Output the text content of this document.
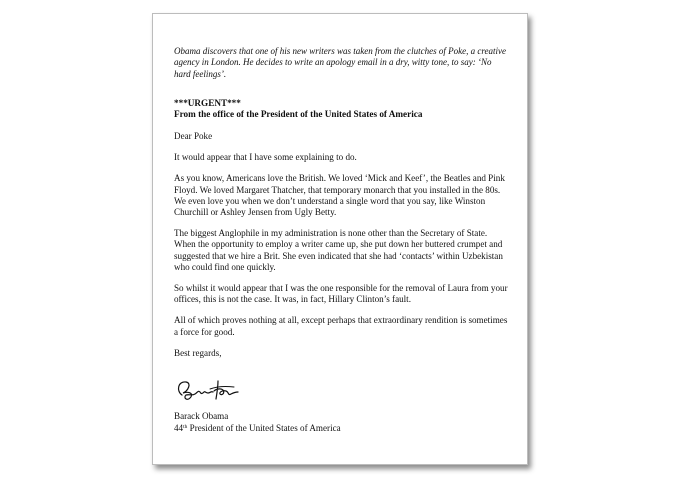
Obama discovers that one of his new writers was taken from the clutches of Poke, a creative agency in London. He decides to write an apology email in a dry, witty tone, to say: ‘No hard feelings’.

***URGENT***

From the office of the President of the United States of America

Dear Poke

It would appear that I have some explaining to do.

As you know, Americans love the British. We loved ‘Mick and Keef’, the Beatles and Pink Floyd. We loved Margaret Thatcher, that temporary monarch that you installed in the 80s. We even love you when we don’t understand a single word that you say, like Winston Churchill or Ashley Jensen from Ugly Betty.

The biggest Anglophile in my administration is none other than the Secretary of State. When the opportunity to employ a writer came up, she put down her buttered crumpet and suggested that we hire a Brit. She even indicated that she had ‘contacts’ within Uzbekistan who could find one quickly.

So whilst it would appear that I was the one responsible for the removal of Laura from your offices, this is not the case. It was, in fact, Hillary Clinton’s fault.

All of which proves nothing at all, except perhaps that extraordinary rendition is sometimes a force for good.

Best regards,

Barack Obama

44th President of the United States of America
